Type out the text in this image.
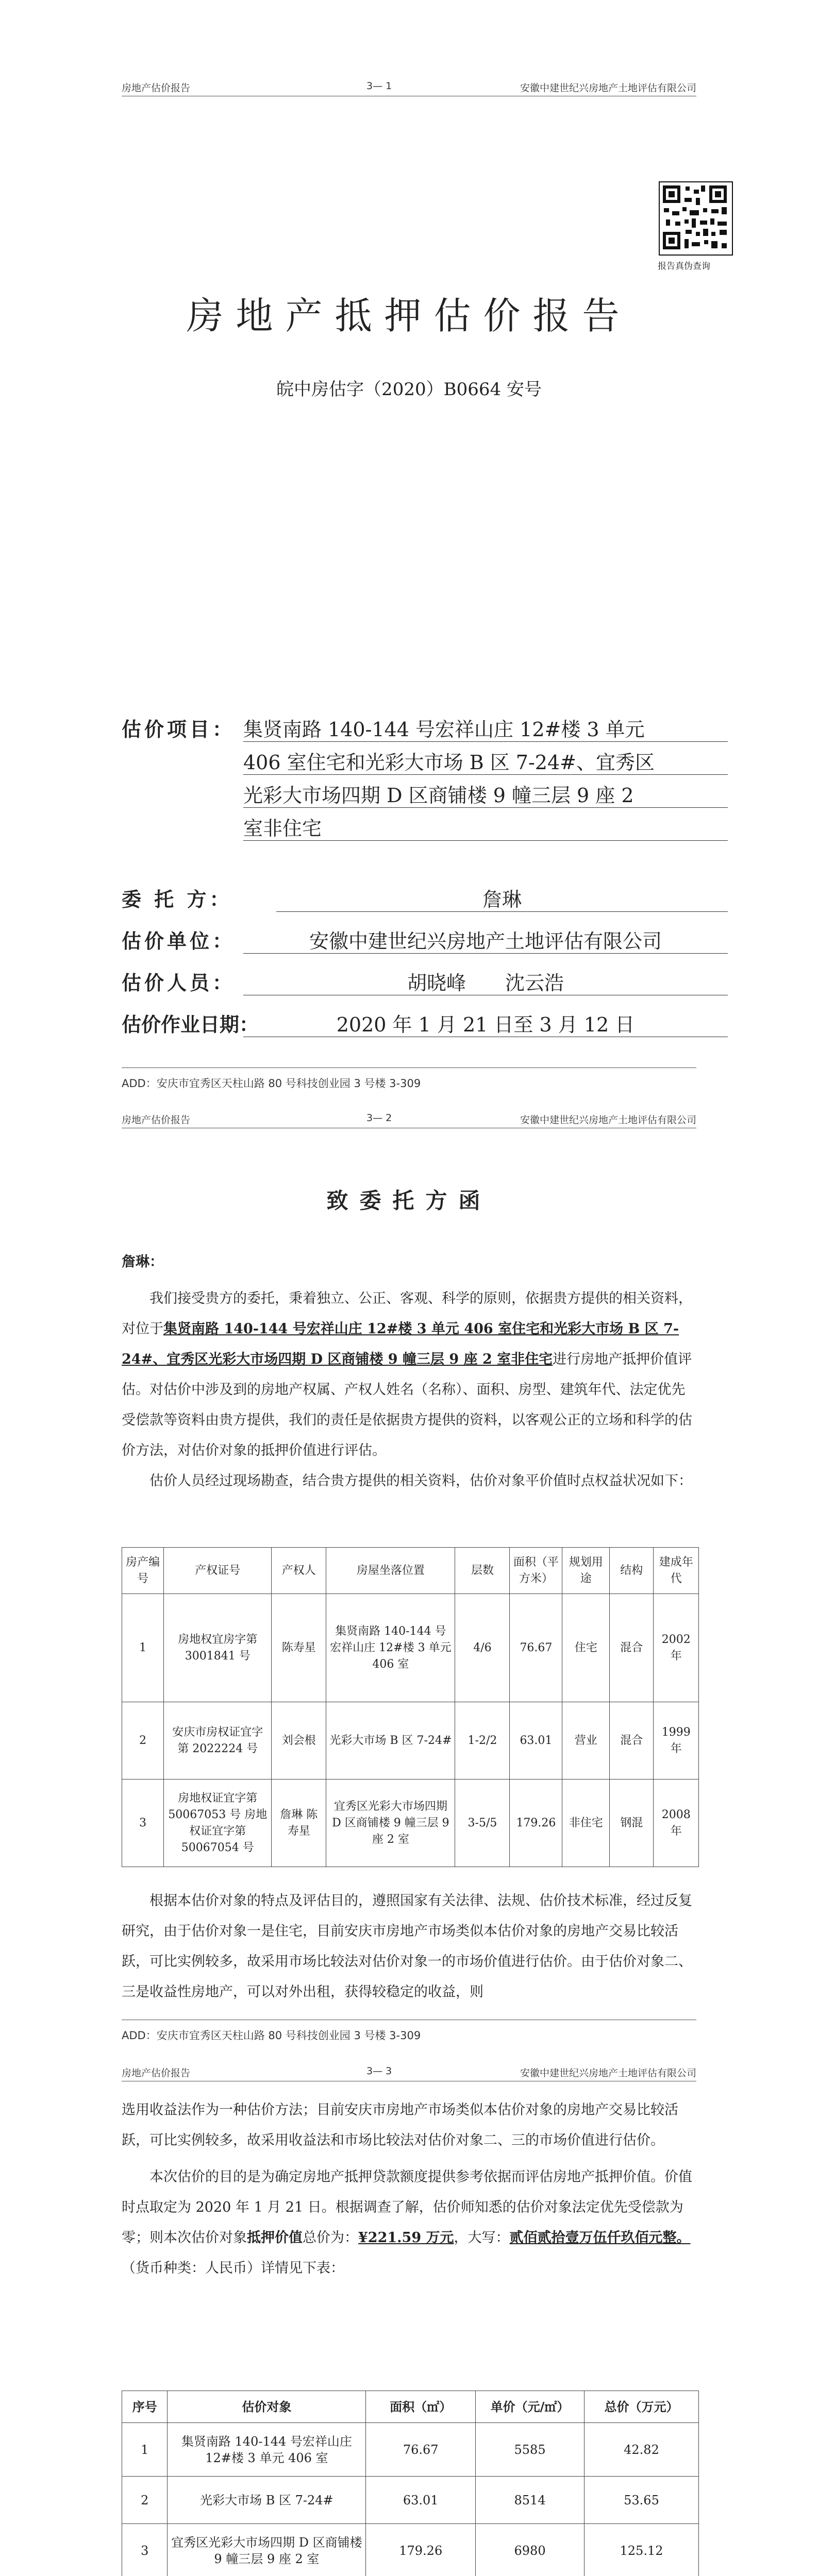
房地产估价报告	3— 1	安徽中建世纪兴房地产土地评估有限公司
报告真伪查询
房地产抵押估价报告
皖中房估字（2020）B0664 安号
估价项目： 集贤南路 140-144 号宏祥山庄 12#楼 3 单元
406 室住宅和光彩大市场 B 区 7-24#、宜秀区
光彩大市场四期 D 区商铺楼 9 幢三层 9 座 2
室非住宅
委 托 方：	詹琳
估价单位：	安徽中建世纪兴房地产土地评估有限公司
估价人员：	胡晓峰　　沈云浩
估价作业日期：	2020 年 1 月 21 日至 3 月 12 日
ADD：安庆市宜秀区天柱山路 80 号科技创业园 3 号楼 3-309
房地产估价报告	3— 2	安徽中建世纪兴房地产土地评估有限公司
致委托方函
詹琳：

我们接受贵方的委托，秉着独立、公正、客观、科学的原则，依据贵方提供的相关资料，对位于集贤南路 140-144 号宏祥山庄 12#楼 3 单元 406 室住宅和光彩大市场 B 区 7-24#、宜秀区光彩大市场四期 D 区商铺楼 9 幢三层 9 座 2 室非住宅进行房地产抵押价值评估。对估价中涉及到的房地产权属、产权人姓名（名称）、面积、房型、建筑年代、法定优先受偿款等资料由贵方提供，我们的责任是依据贵方提供的资料，以客观公正的立场和科学的估价方法，对估价对象的抵押价值进行评估。

估价人员经过现场勘查，结合贵方提供的相关资料，估价对象平价值时点权益状况如下：

房产编号	产权证号	产权人	房屋坐落位置	层数	面积（平方米）	规划用途	结构	建成年代
1	房地权宜房字第 3001841 号	陈寿星	集贤南路 140-144 号宏祥山庄 12#楼 3 单元 406 室	4/6	76.67	住宅	混合	2002 年
2	安庆市房权证宜字第 2022224 号	刘会根	光彩大市场 B 区 7-24#	1-2/2	63.01	营业	混合	1999 年
3	房地权证宜字第 50067053 号 房地权证宜字第 50067054 号	詹琳 陈寿星	宜秀区光彩大市场四期 D 区商铺楼 9 幢三层 9 座 2 室	3-5/5	179.26	非住宅	钢混	2008 年

根据本估价对象的特点及评估目的，遵照国家有关法律、法规、估价技术标准，经过反复研究，由于估价对象一是住宅，目前安庆市房地产市场类似本估价对象的房地产交易比较活跃，可比实例较多，故采用市场比较法对估价对象一的市场价值进行估价。由于估价对象二、三是收益性房地产，可以对外出租，获得较稳定的收益，则

ADD：安庆市宜秀区天柱山路 80 号科技创业园 3 号楼 3-309
房地产估价报告	3— 3	安徽中建世纪兴房地产土地评估有限公司

选用收益法作为一种估价方法；目前安庆市房地产市场类似本估价对象的房地产交易比较活跃，可比实例较多，故采用收益法和市场比较法对估价对象二、三的市场价值进行估价。

本次估价的目的是为确定房地产抵押贷款额度提供参考依据而评估房地产抵押价值。价值时点取定为 2020 年 1 月 21 日。根据调查了解，估价师知悉的估价对象法定优先受偿款为零；则本次估价对象抵押价值总价为：¥221.59 万元，大写：贰佰贰拾壹万伍仟玖佰元整。（货币种类：人民币）详情见下表：

序号	估价对象	面积（㎡）	单价（元/㎡）	总价（万元）
1	集贤南路 140-144 号宏祥山庄 12#楼 3 单元 406 室	76.67	5585	42.82
2	光彩大市场 B 区 7-24#	63.01	8514	53.65
3	宜秀区光彩大市场四期 D 区商铺楼 9 幢三层 9 座 2 室	179.26	6980	125.12
